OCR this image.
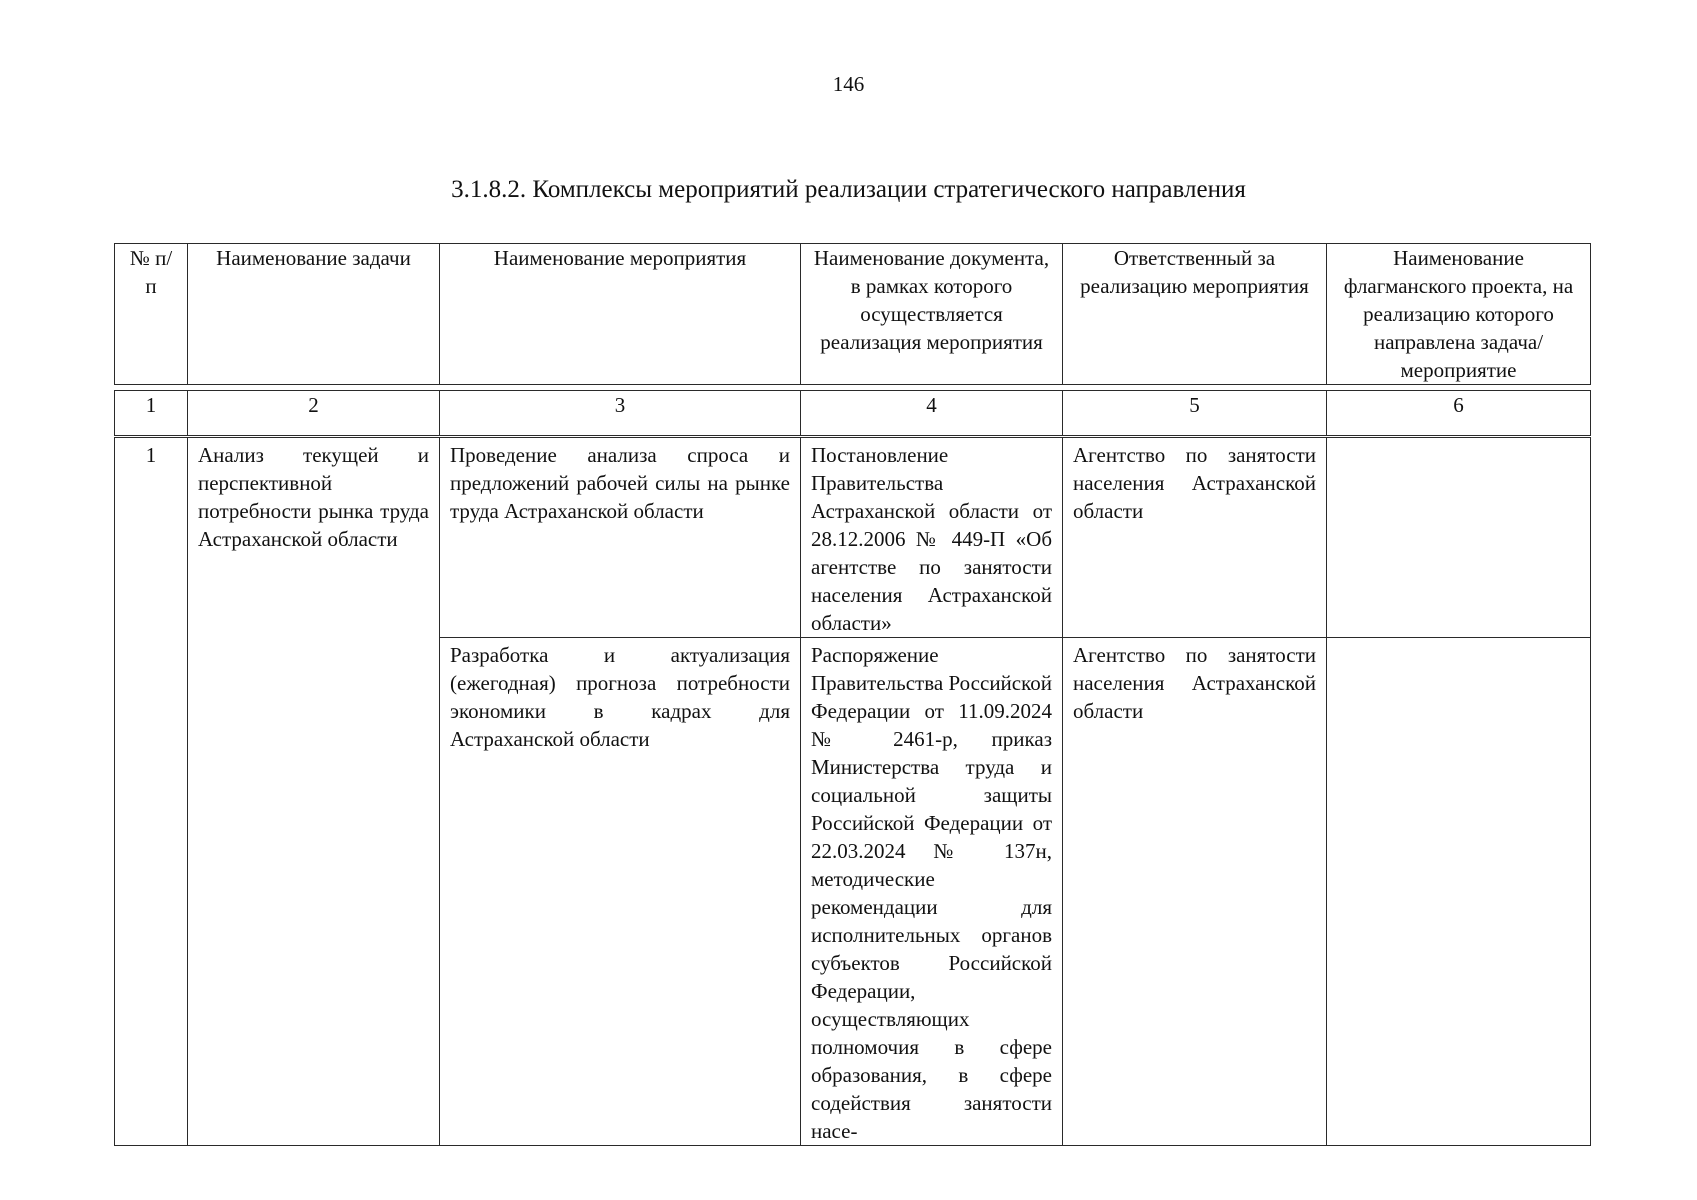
146
3.1.8.2. Комплексы мероприятий реализации стратегического направления
№ п/п	Наименование задачи	Наименование мероприятия	Наименование документа, в рамках которого осуществляется реализация мероприятия	Ответственный за реализацию мероприятия	Наименование флагманского проекта, на реализацию которого направлена задача/мероприятие
1	2	3	4	5	6
1	Анализ текущей и перспективной потребности рынка труда Астраханской области	Проведение анализа спроса и предложений рабочей силы на рынке труда Астраханской области	Постановление Правительства Астраханской области от 28.12.2006 № 449-П «Об агентстве по занятости населения Астраханской области»	Агентство по занятости населения Астраханской области	
		Разработка и актуализация (ежегодная) прогноза потребности экономики в кадрах для Астраханской области	Распоряжение Правительства Российской Федерации от 11.09.2024 № 2461-р, приказ Министерства труда и социальной защиты Российской Федерации от 22.03.2024 № 137н, методические рекомендации для исполнительных органов субъектов Российской Федерации, осуществляющих полномочия в сфере образования, в сфере содействия занятости насе-	Агентство по занятости населения Астраханской области	
